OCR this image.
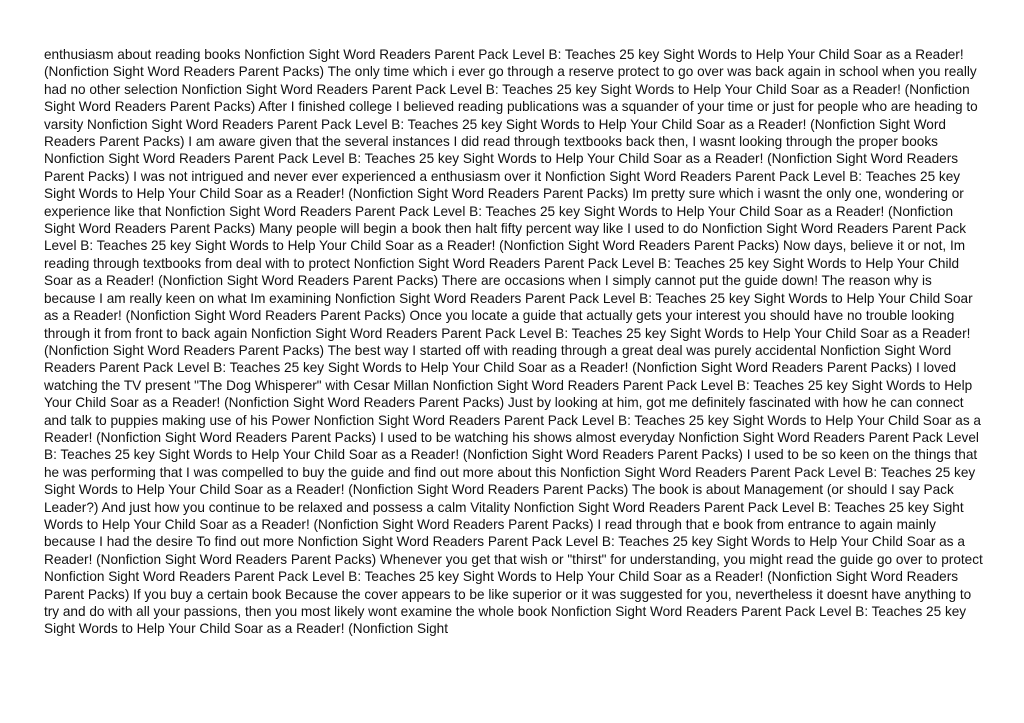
enthusiasm about reading books Nonfiction Sight Word Readers Parent Pack Level B: Teaches 25 key Sight Words to Help Your Child Soar as a Reader! (Nonfiction Sight Word Readers Parent Packs) The only time which i ever go through a reserve protect to go over was back again in school when you really had no other selection Nonfiction Sight Word Readers Parent Pack Level B: Teaches 25 key Sight Words to Help Your Child Soar as a Reader! (Nonfiction Sight Word Readers Parent Packs) After I finished college I believed reading publications was a squander of your time or just for people who are heading to varsity Nonfiction Sight Word Readers Parent Pack Level B: Teaches 25 key Sight Words to Help Your Child Soar as a Reader! (Nonfiction Sight Word Readers Parent Packs) I am aware given that the several instances I did read through textbooks back then, I wasnt looking through the proper books Nonfiction Sight Word Readers Parent Pack Level B: Teaches 25 key Sight Words to Help Your Child Soar as a Reader! (Nonfiction Sight Word Readers Parent Packs) I was not intrigued and never ever experienced a enthusiasm over it Nonfiction Sight Word Readers Parent Pack Level B: Teaches 25 key Sight Words to Help Your Child Soar as a Reader! (Nonfiction Sight Word Readers Parent Packs) Im pretty sure which i wasnt the only one, wondering or experience like that Nonfiction Sight Word Readers Parent Pack Level B: Teaches 25 key Sight Words to Help Your Child Soar as a Reader! (Nonfiction Sight Word Readers Parent Packs) Many people will begin a book then halt fifty percent way like I used to do Nonfiction Sight Word Readers Parent Pack Level B: Teaches 25 key Sight Words to Help Your Child Soar as a Reader! (Nonfiction Sight Word Readers Parent Packs) Now days, believe it or not, Im reading through textbooks from deal with to protect Nonfiction Sight Word Readers Parent Pack Level B: Teaches 25 key Sight Words to Help Your Child Soar as a Reader! (Nonfiction Sight Word Readers Parent Packs) There are occasions when I simply cannot put the guide down! The reason why is because I am really keen on what Im examining Nonfiction Sight Word Readers Parent Pack Level B: Teaches 25 key Sight Words to Help Your Child Soar as a Reader! (Nonfiction Sight Word Readers Parent Packs) Once you locate a guide that actually gets your interest you should have no trouble looking through it from front to back again Nonfiction Sight Word Readers Parent Pack Level B: Teaches 25 key Sight Words to Help Your Child Soar as a Reader! (Nonfiction Sight Word Readers Parent Packs) The best way I started off with reading through a great deal was purely accidental Nonfiction Sight Word Readers Parent Pack Level B: Teaches 25 key Sight Words to Help Your Child Soar as a Reader! (Nonfiction Sight Word Readers Parent Packs) I loved watching the TV present "The Dog Whisperer" with Cesar Millan Nonfiction Sight Word Readers Parent Pack Level B: Teaches 25 key Sight Words to Help Your Child Soar as a Reader! (Nonfiction Sight Word Readers Parent Packs) Just by looking at him, got me definitely fascinated with how he can connect and talk to puppies making use of his Power Nonfiction Sight Word Readers Parent Pack Level B: Teaches 25 key Sight Words to Help Your Child Soar as a Reader! (Nonfiction Sight Word Readers Parent Packs) I used to be watching his shows almost everyday Nonfiction Sight Word Readers Parent Pack Level B: Teaches 25 key Sight Words to Help Your Child Soar as a Reader! (Nonfiction Sight Word Readers Parent Packs) I used to be so keen on the things that he was performing that I was compelled to buy the guide and find out more about this Nonfiction Sight Word Readers Parent Pack Level B: Teaches 25 key Sight Words to Help Your Child Soar as a Reader! (Nonfiction Sight Word Readers Parent Packs) The book is about Management (or should I say Pack Leader?) And just how you continue to be relaxed and possess a calm Vitality Nonfiction Sight Word Readers Parent Pack Level B: Teaches 25 key Sight Words to Help Your Child Soar as a Reader! (Nonfiction Sight Word Readers Parent Packs) I read through that e book from entrance to again mainly because I had the desire To find out more Nonfiction Sight Word Readers Parent Pack Level B: Teaches 25 key Sight Words to Help Your Child Soar as a Reader! (Nonfiction Sight Word Readers Parent Packs) Whenever you get that wish or "thirst" for understanding, you might read the guide go over to protect Nonfiction Sight Word Readers Parent Pack Level B: Teaches 25 key Sight Words to Help Your Child Soar as a Reader! (Nonfiction Sight Word Readers Parent Packs) If you buy a certain book Because the cover appears to be like superior or it was suggested for you, nevertheless it doesnt have anything to try and do with all your passions, then you most likely wont examine the whole book Nonfiction Sight Word Readers Parent Pack Level B: Teaches 25 key Sight Words to Help Your Child Soar as a Reader! (Nonfiction Sight
